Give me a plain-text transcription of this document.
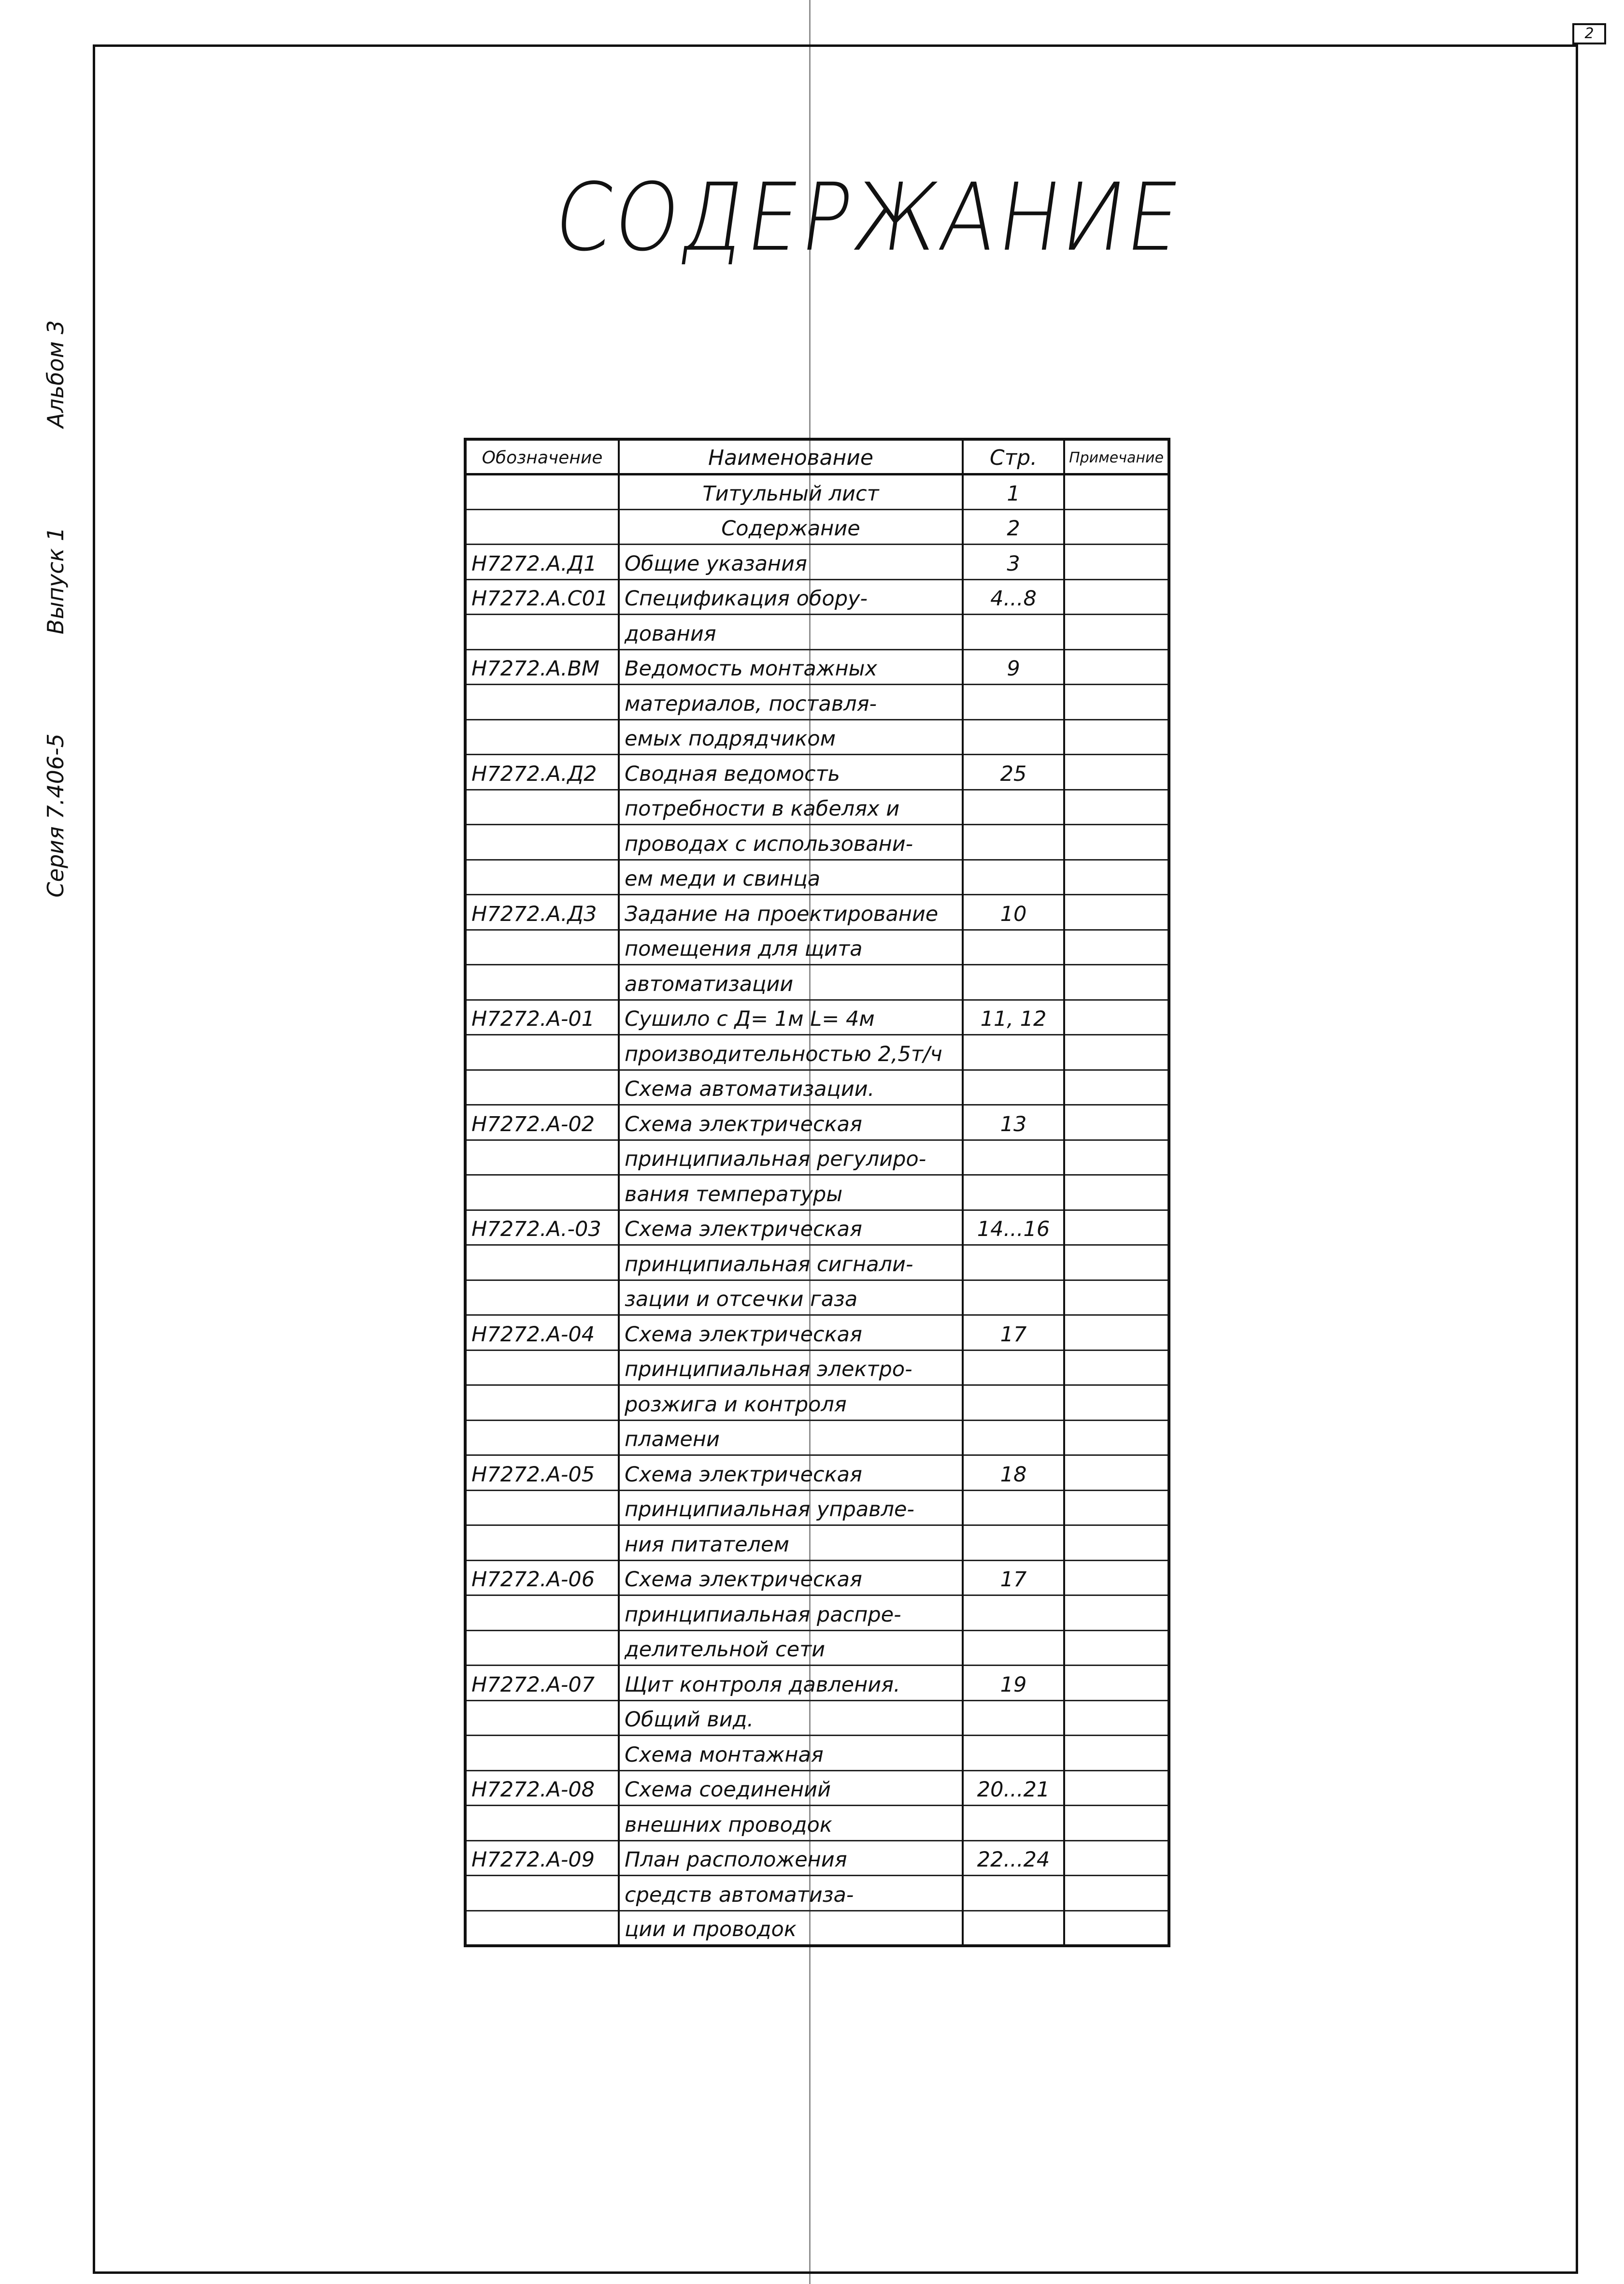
2
Серия 7.406-5
Выпуск 1
Альбом 3
СОДЕРЖАНИЕ
Обозначение	Наименование	Стр.	Примечание
	Титульный лист	1	
	Содержание	2	
Н7272.А.Д1	Общие указания	3	
Н7272.А.С01	Спецификация обору-	4...8	
	дования		
Н7272.А.ВМ	Ведомость монтажных	9	
	материалов, поставля-		
	емых подрядчиком		
Н7272.А.Д2	Сводная ведомость	25	
	потребности в кабелях и		
	проводах с использовани-		
	ем меди и свинца		
Н7272.А.Д3	Задание на проектирование	10	
	помещения для щита		
	автоматизации		
Н7272.А-01	Сушило с Д= 1м L= 4м	11, 12	
	производительностью 2,5т/ч		
	Схема автоматизации.		
Н7272.А-02	Схема электрическая	13	
	принципиальная регулиро-		
	вания температуры		
Н7272.А.-03	Схема электрическая	14...16	
	принципиальная сигнали-		
	зации и отсечки газа		
Н7272.А-04	Схема электрическая	17	
	принципиальная электро-		
	розжига и контроля		
	пламени		
Н7272.А-05	Схема электрическая	18	
	принципиальная управле-		
	ния питателем		
Н7272.А-06	Схема электрическая	17	
	принципиальная распре-		
	делительной сети		
Н7272.А-07	Щит контроля давления.	19	
	Общий вид.		
	Схема монтажная		
Н7272.А-08	Схема соединений	20...21	
	внешних проводок		
Н7272.А-09	План расположения	22...24	
	средств автоматиза-		
	ции и проводок		
